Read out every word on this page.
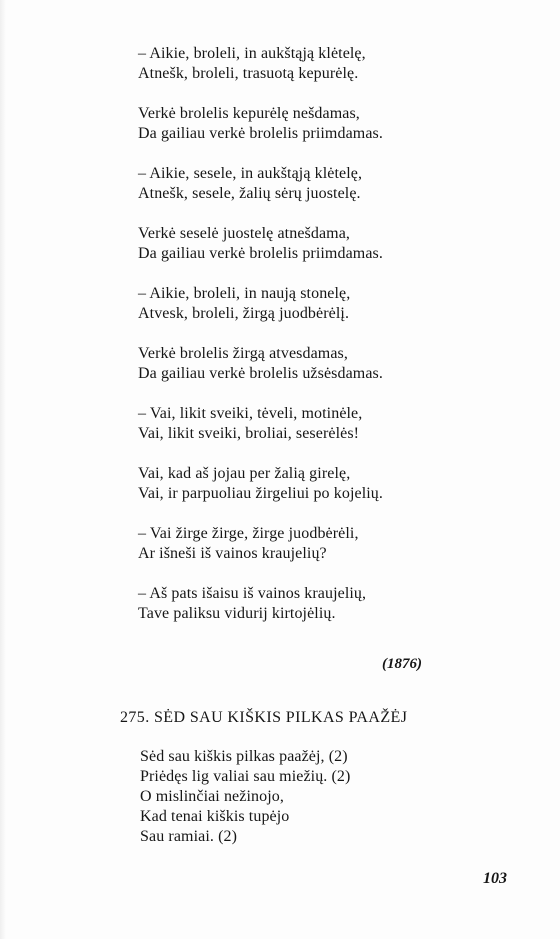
– Aikie, broleli, in aukštąją klėtelę,
Atnešk, broleli, trasuotą kepurėlę.
Verkė brolelis kepurėlę nešdamas,
Da gailiau verkė brolelis priimdamas.
– Aikie, sesele, in aukštąją klėtelę,
Atnešk, sesele, žalių sėrų juostelę.
Verkė seselė juostelę atnešdama,
Da gailiau verkė brolelis priimdamas.
– Aikie, broleli, in naują stonelę,
Atvesk, broleli, žirgą juodbėrėlį.
Verkė brolelis žirgą atvesdamas,
Da gailiau verkė brolelis užsėsdamas.
– Vai, likit sveiki, tėveli, motinėle,
Vai, likit sveiki, broliai, seserėlės!
Vai, kad aš jojau per žalią girelę,
Vai, ir parpuoliau žirgeliui po kojelių.
– Vai žirge žirge, žirge juodbėrėli,
Ar išneši iš vainos kraujelių?
– Aš pats išaisu iš vainos kraujelių,
Tave paliksu vidurij kirtojėlių.
(1876)
275. SĖD SAU KIŠKIS PILKAS PAAŽĖJ
Sėd sau kiškis pilkas paažėj, (2)
Priėdęs lig valiai sau miežių. (2)
O mislinčiai nežinojo,
Kad tenai kiškis tupėjo
Sau ramiai. (2)
103
